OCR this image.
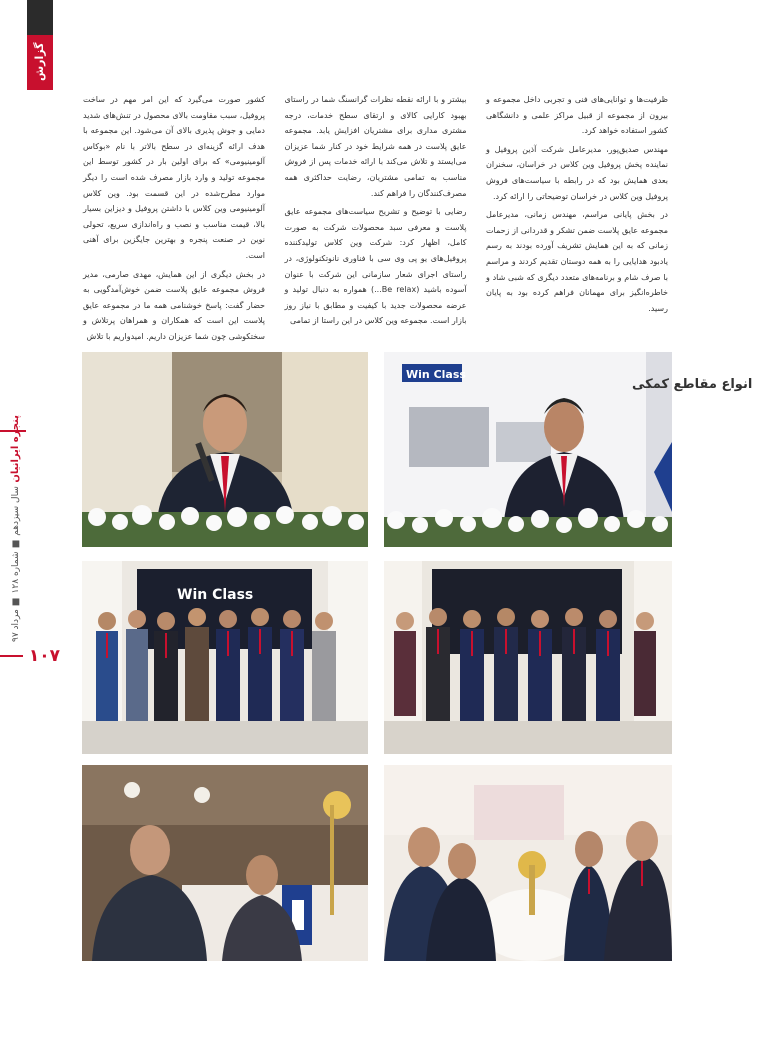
گزارش
پنجره ایرانیان سال سیزدهم ■ شماره ۱۲۸ ■ مرداد ۹۷
۱۰۷

کشور صورت می‌گیرد که این امر مهم در ساخت پروفیل، سبب مقاومت بالای محصول در تنش‌های شدید دمایی و جوش ‌پذیری بالای آن می‌شود. این مجموعه با هدف ارائه گزینه‌ای در سطح بالاتر با نام «بوکاس آلومینیومی» که برای اولین بار در کشور توسط این مجموعه تولید و وارد بازار مصرف شده است را دیگر موارد مطرح‌شده در این قسمت بود. وین کلاس آلومینیومی وین کلاس با داشتن پروفیل و دیزاین بسیار بالا، قیمت مناسب و نصب و راه‌اندازی سریع، تحولی نوین در صنعت پنجره و بهترین جایگزین برای آهنی است.

در بخش دیگری از این همایش، مهدی صارمی، مدیر فروش مجموعه عایق پلاست ضمن خوش‌آمدگویی به حضار گفت: پاسخ خوشنامی همه ما در مجموعه عایق پلاست این است که همکاران و همراهان پرتلاش و سختکوشی چون شما عزیزان داریم. امیدواریم با تلاش

بیشتر و با ارائه نقطه نظرات گرانسنگ شما در راستای بهبود کارایی کالای و ارتقای سطح خدمات، درجه مشتری مداری برای مشتریان افزایش یابد. مجموعه عایق پلاست در همه شرایط خود در کنار شما عزیزان می‌ایستد و تلاش می‌کند با ارائه خدمات پس از فروش مناسب به تمامی مشتریان، رضایت حداکثری همه مصرف‌کنندگان را فراهم کند.

رضایی با توضیح و تشریح سیاست‌های مجموعه عایق پلاست و معرفی سبد محصولات شرکت به صورت کامل، اظهار کرد: شرکت وین کلاس تولیدکننده پروفیل‌های یو پی وی سی با فناوری نانوتکنولوژی، در راستای اجرای شعار سازمانی این شرکت با عنوان آسوده باشید (Be relax...) همواره به دنبال تولید و عرضه محصولات جدید با کیفیت و مطابق با نیاز روز بازار است. مجموعه وین کلاس در این راستا از تمامی

ظرفیت‌ها و توانایی‌های فنی و تجربی داخل مجموعه و بیرون از مجموعه از قبیل مراکز علمی و دانشگاهی کشور استفاده خواهد کرد.

مهندس صدیق‌پور، مدیرعامل شرکت آذین پروفیل و نماینده پخش پروفیل وین کلاس در خراسان، سخنران بعدی همایش بود که در رابطه با سیاست‌های فروش پروفیل وین کلاس در خراسان توضیحاتی را ارائه کرد.

در بخش پایانی مراسم، مهندس زمانی، مدیرعامل مجموعه عایق پلاست ضمن تشکر و قدردانی از زحمات زمانی که به این همایش تشریف آورده بودند به رسم یادبود هدایایی را به همه دوستان تقدیم کردند و مراسم با صرف شام و برنامه‌های متعدد دیگری که شبی شاد و خاطره‌انگیز برای مهمانان فراهم کرده بود به پایان رسید.

Win Class
انواع مقاطع کمکی
Win Class
